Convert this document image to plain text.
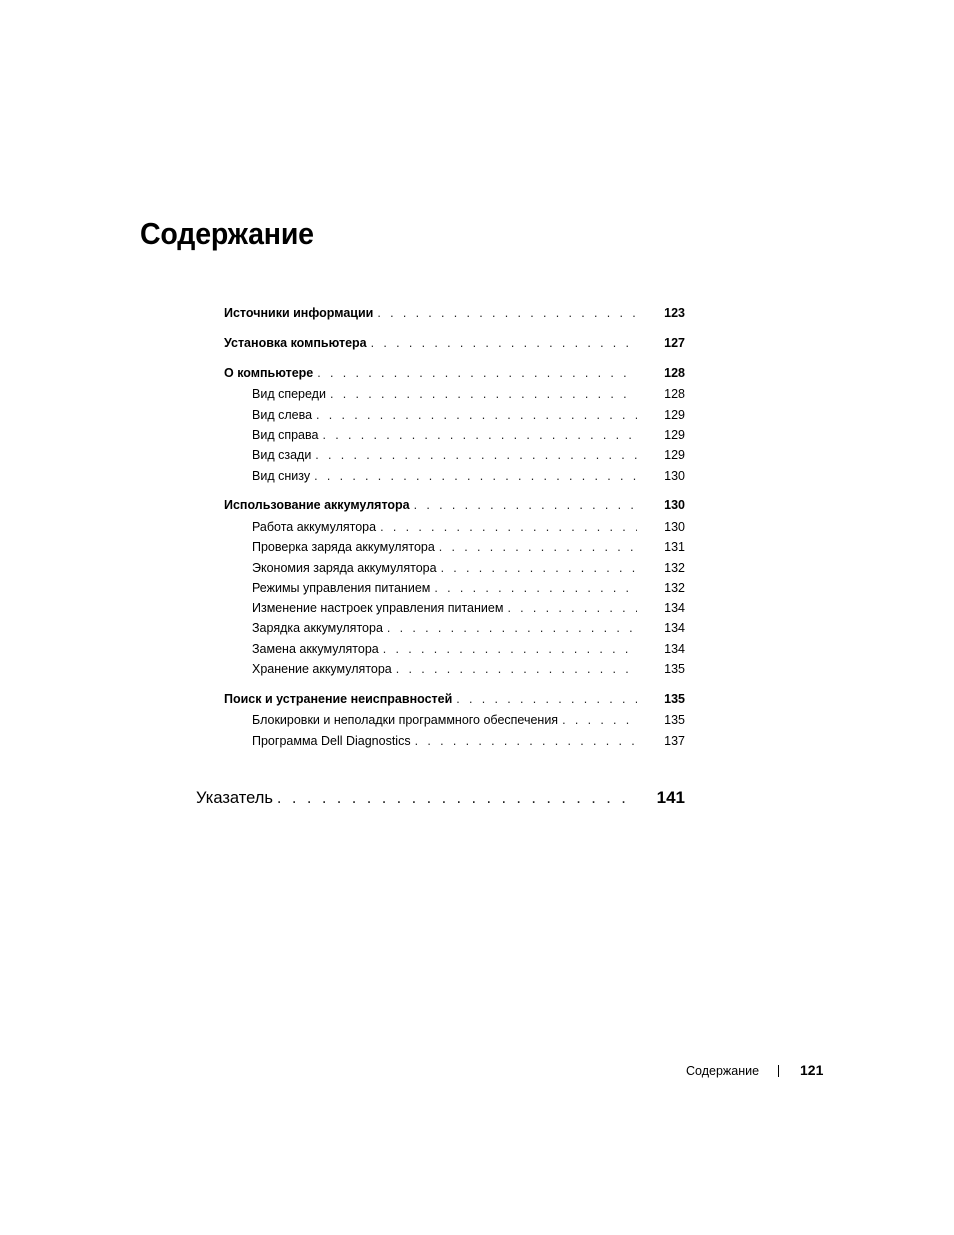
Содержание
Источники информации . . .	123
Установка компьютера . . .	127
О компьютере . . .	128
Вид спереди . . .	128
Вид слева . . .	129
Вид справа . . .	129
Вид сзади . . .	129
Вид снизу . . .	130
Использование аккумулятора . . .	130
Работа аккумулятора . . .	130
Проверка заряда аккумулятора . . .	131
Экономия заряда аккумулятора . . .	132
Режимы управления питанием . . .	132
Изменение настроек управления питанием . . .	134
Зарядка аккумулятора . . .	134
Замена аккумулятора . . .	134
Хранение аккумулятора . . .	135
Поиск и устранение неисправностей . . .	135
Блокировки и неполадки программного обеспечения . . .	135
Программа Dell Diagnostics . . .	137
Указатель . . .	141
Содержание	121
